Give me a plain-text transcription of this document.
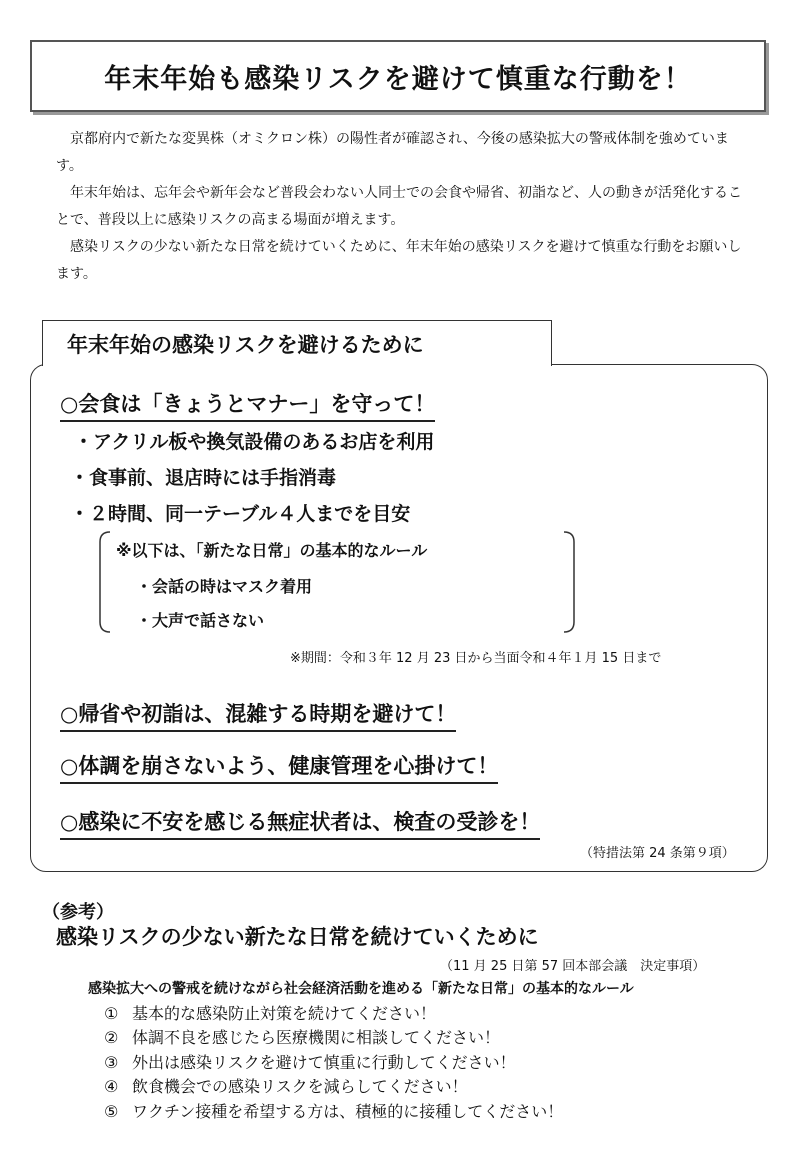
年末年始も感染リスクを避けて慎重な行動を！

京都府内で新たな変異株（オミクロン株）の陽性者が確認され、今後の感染拡大の警戒体制を強めています。

年末年始は、忘年会や新年会など普段会わない人同士での会食や帰省、初詣など、人の動きが活発化することで、普段以上に感染リスクの高まる場面が増えます。

感染リスクの少ない新たな日常を続けていくために、年末年始の感染リスクを避けて慎重な行動をお願いします。

年末年始の感染リスクを避けるために
○会食は「きょうとマナー」を守って！
・アクリル板や換気設備のあるお店を利用
・食事前、退店時には手指消毒
・２時間、同一テーブル４人までを目安
※以下は、「新たな日常」の基本的なルール
・会話の時はマスク着用
・大声で話さない
※期間：令和３年 12 月 23 日から当面令和４年１月 15 日まで
○帰省や初詣は、混雑する時期を避けて！
○体調を崩さないよう、健康管理を心掛けて！
○感染に不安を感じる無症状者は、検査の受診を！
（特措法第 24 条第９項）
（参考）
感染リスクの少ない新たな日常を続けていくために
（11 月 25 日第 57 回本部会議　決定事項）
感染拡大への警戒を続けながら社会経済活動を進める「新たな日常」の基本的なルール
① 基本的な感染防止対策を続けてください！
② 体調不良を感じたら医療機関に相談してください！
③ 外出は感染リスクを避けて慎重に行動してください！
④ 飲食機会での感染リスクを減らしてください！
⑤ ワクチン接種を希望する方は、積極的に接種してください！
